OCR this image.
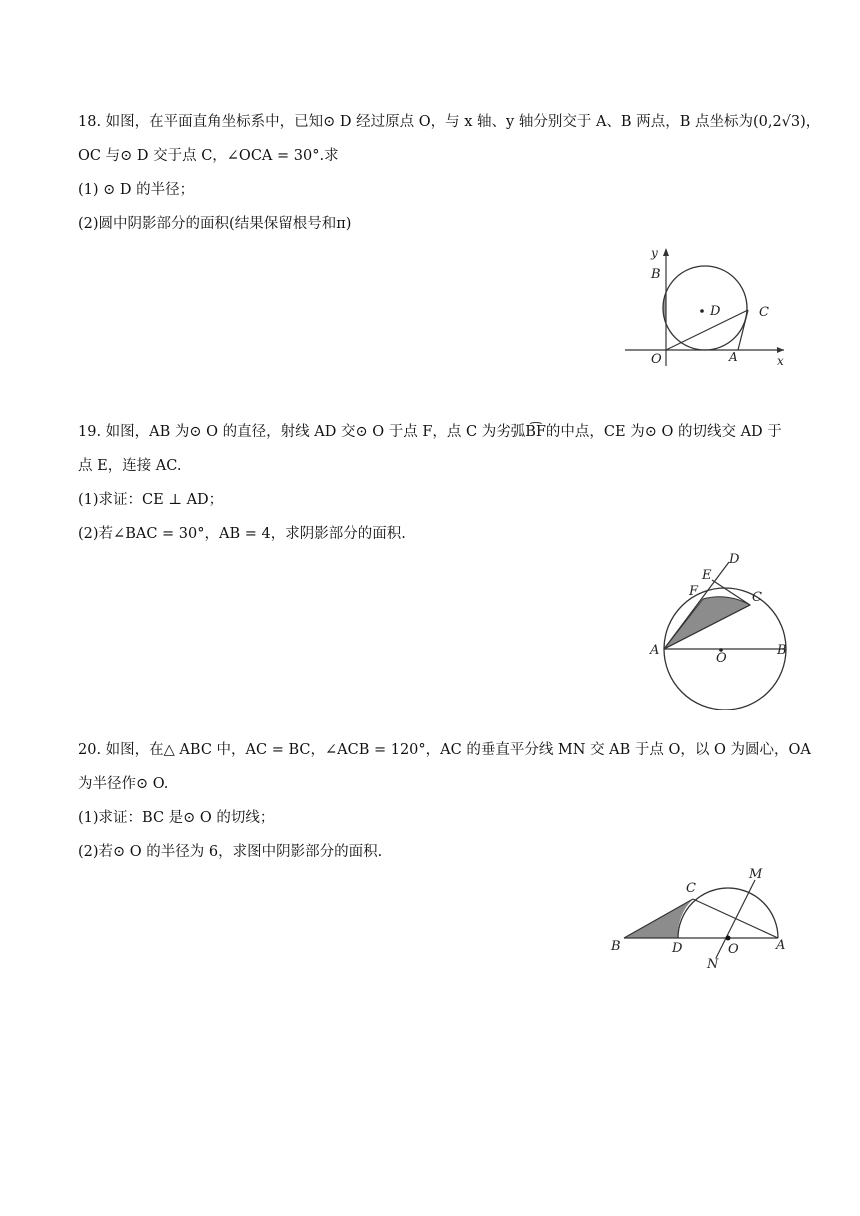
18. 如图，在平面直角坐标系中，已知⊙ D 经过原点 O，与 x 轴、y 轴分别交于 A、B 两点，B 点坐标为(0,2√3)，
OC 与⊙ D 交于点 C，∠OCA = 30°.求
(1) ⊙ D 的半径；
(2)圆中阴影部分的面积(结果保留根号和π)
y
B
D	C
O	A	x
19. 如图，AB 为⊙ O 的直径，射线 AD 交⊙ O 于点 F，点 C 为劣弧B͡F的中点，CE 为⊙ O 的切线交 AD 于
点 E，连接 AC.
(1)求证：CE ⊥ AD；
(2)若∠BAC = 30°，AB = 4，求阴影部分的面积.
D
E
F	C
A
O
B
20. 如图，在△ ABC 中，AC = BC，∠ACB = 120°，AC 的垂直平分线 MN 交 AB 于点 O，以 O 为圆心，OA
为半径作⊙ O.
(1)求证：BC 是⊙ O 的切线；
(2)若⊙ O 的半径为 6，求图中阴影部分的面积.
C
M
B	D	O	A
N
